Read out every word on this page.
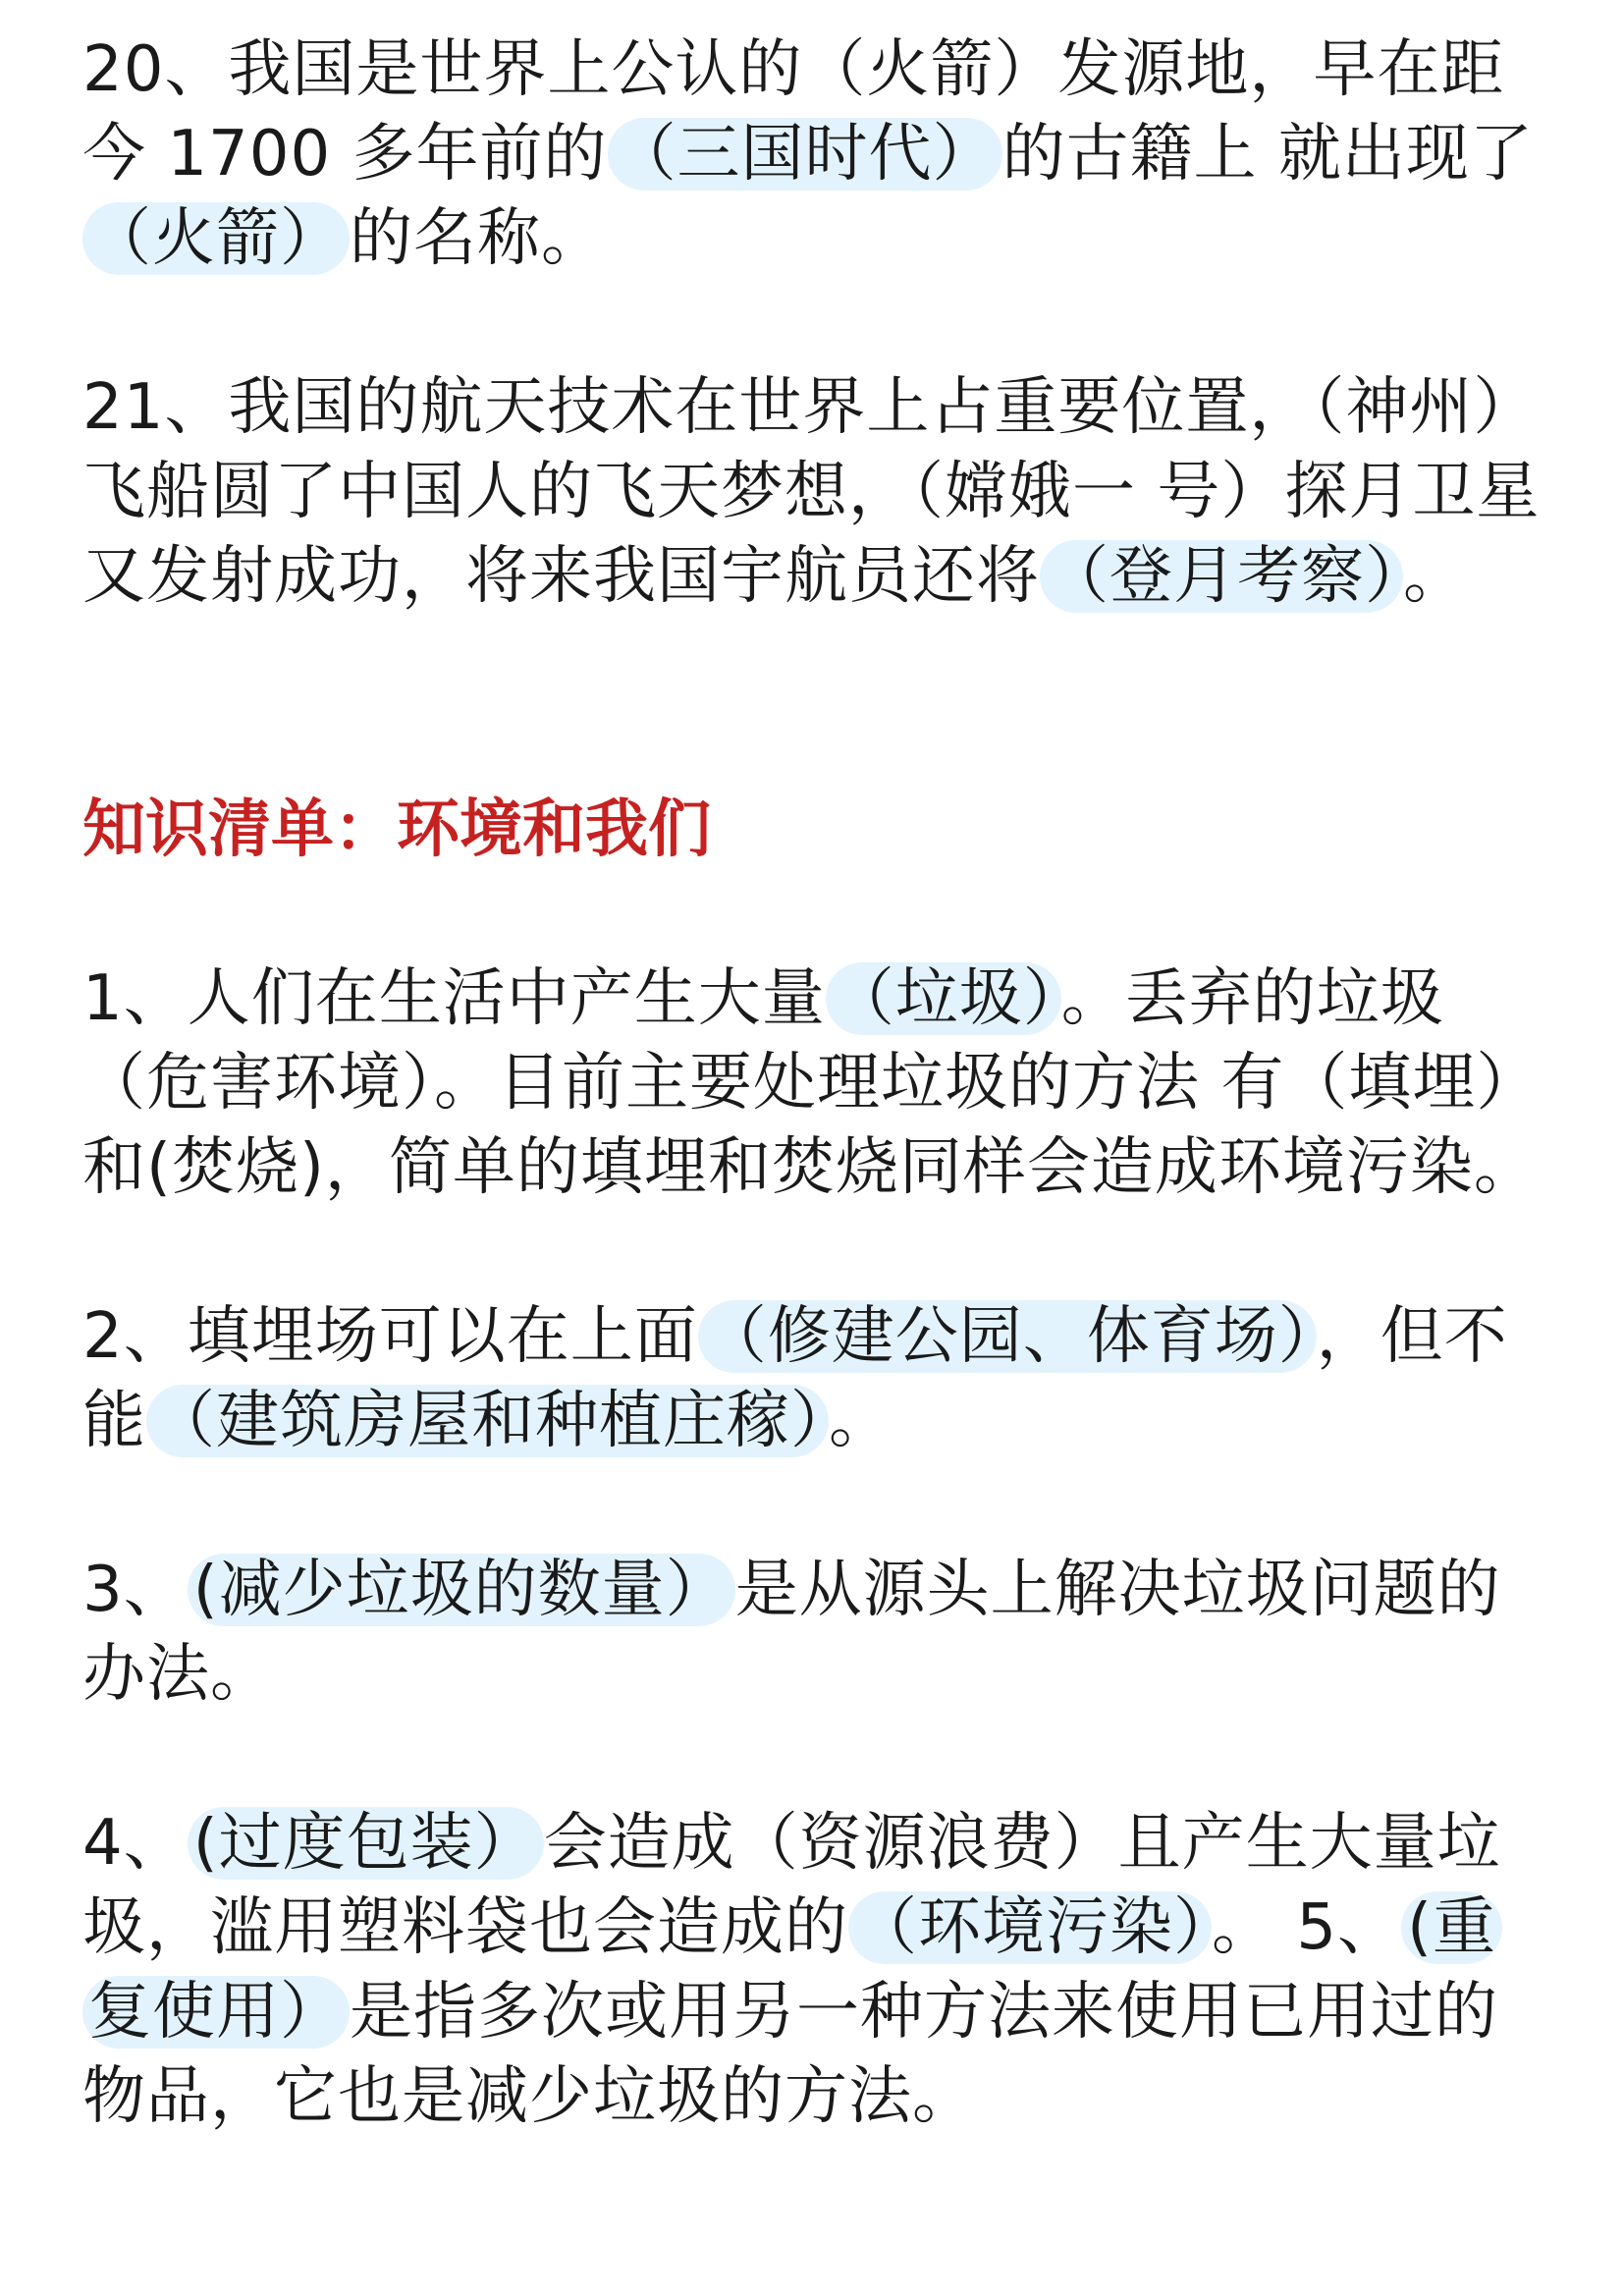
20、我国是世界上公认的（火箭）发源地，早在距今 1700 多年前的（三国时代）的古籍上 就出现了（火箭）的名称。

21、我国的航天技术在世界上占重要位置，（神州）飞船圆了中国人的飞天梦想，（嫦娥一 号）探月卫星又发射成功，将来我国宇航员还将（登月考察）。

知识清单：环境和我们

1、人们在生活中产生大量（垃圾）。丢弃的垃圾（危害环境）。目前主要处理垃圾的方法 有（填埋）和(焚烧)，简单的填埋和焚烧同样会造成环境污染。

2、填埋场可以在上面（修建公园、体育场），但不能（建筑房屋和种植庄稼）。

3、(减少垃圾的数量）是从源头上解决垃圾问题的办法。

4、(过度包装）会造成（资源浪费）且产生大量垃圾，滥用塑料袋也会造成的（环境污染）。 5、(重复使用）是指多次或用另一种方法来使用已用过的物品，它也是减少垃圾的方法。
